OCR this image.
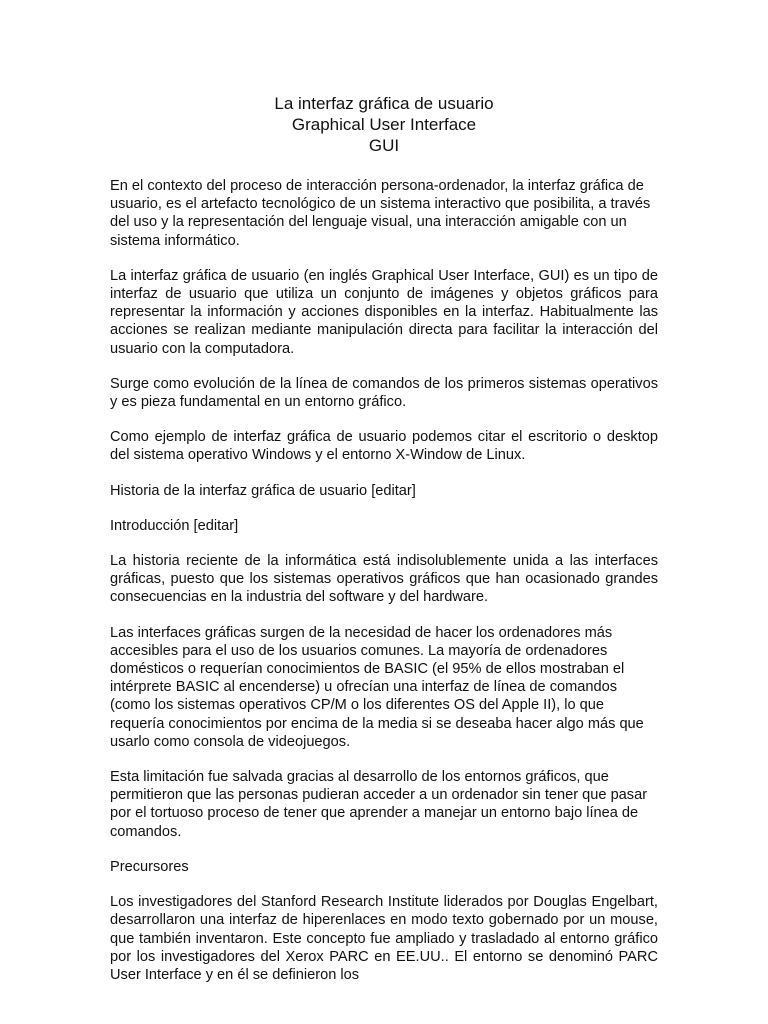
La interfaz gráfica de usuario
Graphical User Interface
GUI

En el contexto del proceso de interacción persona-ordenador, la interfaz gráfica de usuario, es el artefacto tecnológico de un sistema interactivo que posibilita, a través del uso y la representación del lenguaje visual, una interacción amigable con un sistema informático.

La interfaz gráfica de usuario (en inglés Graphical User Interface, GUI) es un tipo de interfaz de usuario que utiliza un conjunto de imágenes y objetos gráficos para representar la información y acciones disponibles en la interfaz. Habitualmente las acciones se realizan mediante manipulación directa para facilitar la interacción del usuario con la computadora.

Surge como evolución de la línea de comandos de los primeros sistemas operativos y es pieza fundamental en un entorno gráfico.

Como ejemplo de interfaz gráfica de usuario podemos citar el escritorio o desktop del sistema operativo Windows y el entorno X-Window de Linux.

Historia de la interfaz gráfica de usuario [editar]

Introducción [editar]

La historia reciente de la informática está indisolublemente unida a las interfaces gráficas, puesto que los sistemas operativos gráficos que han ocasionado grandes consecuencias en la industria del software y del hardware.

Las interfaces gráficas surgen de la necesidad de hacer los ordenadores más accesibles para el uso de los usuarios comunes. La mayoría de ordenadores domésticos o requerían conocimientos de BASIC (el 95% de ellos mostraban el intérprete BASIC al encenderse) u ofrecían una interfaz de línea de comandos (como los sistemas operativos CP/M o los diferentes OS del Apple II), lo que requería conocimientos por encima de la media si se deseaba hacer algo más que usarlo como consola de videojuegos.

Esta limitación fue salvada gracias al desarrollo de los entornos gráficos, que permitieron que las personas pudieran acceder a un ordenador sin tener que pasar por el tortuoso proceso de tener que aprender a manejar un entorno bajo línea de comandos.

Precursores

Los investigadores del Stanford Research Institute liderados por Douglas Engelbart, desarrollaron una interfaz de hiperenlaces en modo texto gobernado por un mouse, que también inventaron. Este concepto fue ampliado y trasladado al entorno gráfico por los investigadores del Xerox PARC en EE.UU.. El entorno se denominó PARC User Interface y en él se definieron los
